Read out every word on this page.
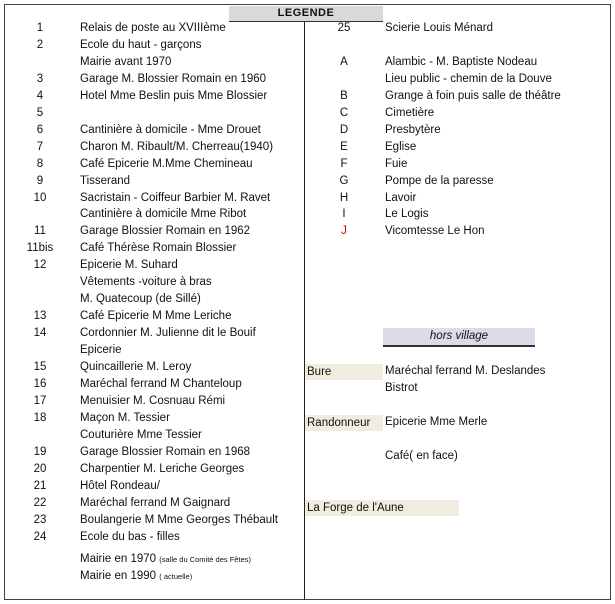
LEGENDE
hors village
1	Relais de poste au XVIIIème
2	Ecole du haut - garçons
Mairie avant 1970
3	Garage M. Blossier Romain en 1960
4	Hotel Mme Beslin puis Mme Blossier
5
6	Cantinière à domicile - Mme Drouet
7	Charon M. Ribault/M. Cherreau(1940)
8	Café Epicerie M.Mme Chemineau
9	Tisserand
10	Sacristain - Coiffeur Barbier M. Ravet
Cantinière à domicile Mme Ribot
11	Garage Blossier Romain en 1962
11bis	Café Thérèse Romain Blossier
12	Epicerie M. Suhard
Vêtements -voiture à bras
M. Quatecoup (de Sillé)
13	Café Epicerie M Mme Leriche
14	Cordonnier M. Julienne dit le Bouif
Epicerie
15	Quincaillerie M. Leroy
16	Maréchal ferrand M Chanteloup
17	Menuisier M. Cosnuau Rémi
18	Maçon M. Tessier
Couturière Mme Tessier
19	Garage Blossier Romain en 1968
20	Charpentier M. Leriche Georges
21	Hôtel Rondeau/
22	Maréchal ferrand M Gaignard
23	Boulangerie M Mme Georges Thébault
24	Ecole du bas - filles
25	Scierie Louis Ménard
A	Alambic - M. Baptiste Nodeau
Lieu public - chemin de la Douve
B	Grange à foin puis salle de théâtre
C	Cimetière
D	Presbytère
E	Eglise
F	Fuie
G	Pompe de la paresse
H	Lavoir
I	Le Logis
J	Vicomtesse Le Hon
Bure	Maréchal ferrand M. Deslandes
Bistrot
Randonneur	Epicerie Mme Merle
Café( en face)
La Forge de l'Aune
Mairie en 1970 (salle du Comité des Fêtes)
Mairie en 1990 ( actuelle)
